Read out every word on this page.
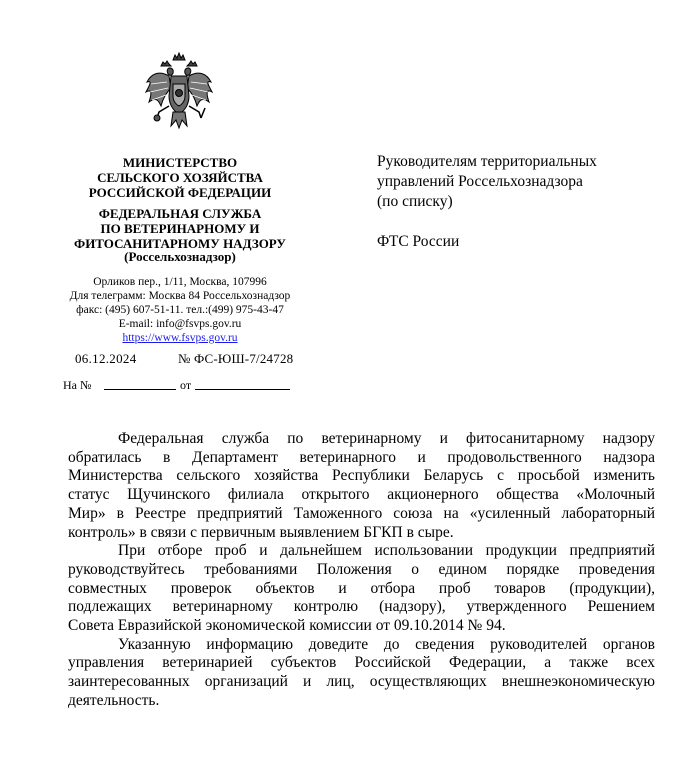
МИНИСТЕРСТВО
СЕЛЬСКОГО ХОЗЯЙСТВА
РОССИЙСКОЙ ФЕДЕРАЦИИ
ФЕДЕРАЛЬНАЯ СЛУЖБА
ПО ВЕТЕРИНАРНОМУ И
ФИТОСАНИТАРНОМУ НАДЗОРУ
(Россельхознадзор)
Орликов пер., 1/11, Москва, 107996
Для телеграмм: Москва 84 Россельхознадзор
факс: (495) 607-51-11. тел.:(499) 975-43-47
E-mail: info@fsvps.gov.ru
https://www.fsvps.gov.ru
06.12.2024	№ ФС-ЮШ-7/24728
На №	от
Руководителям территориальных
управлений Россельхознадзора
(по списку)
ФТС России
Федеральная служба по ветеринарному и фитосанитарному надзору
обратилась в Департамент ветеринарного и продовольственного надзора
Министерства сельского хозяйства Республики Беларусь с просьбой изменить
статус Щучинского филиала открытого акционерного общества «Молочный
Мир» в Реестре предприятий Таможенного союза на «усиленный лабораторный
контроль» в связи с первичным выявлением БГКП в сыре.
При отборе проб и дальнейшем использовании продукции предприятий
руководствуйтесь требованиями Положения о едином порядке проведения
совместных проверок объектов и отбора проб товаров (продукции),
подлежащих ветеринарному контролю (надзору), утвержденного Решением
Совета Евразийской экономической комиссии от 09.10.2014 № 94.
Указанную информацию доведите до сведения руководителей органов
управления ветеринарией субъектов Российской Федерации, а также всех
заинтересованных организаций и лиц, осуществляющих внешнеэкономическую
деятельность.
